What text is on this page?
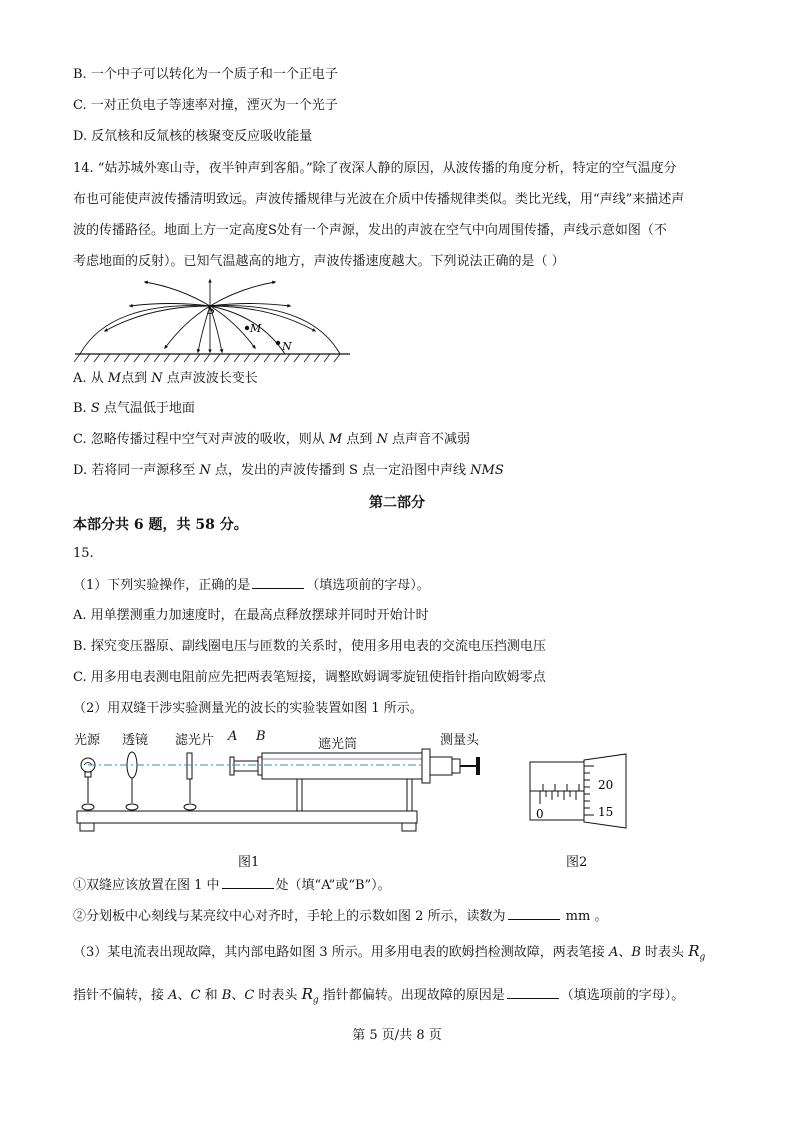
B. 一个中子可以转化为一个质子和一个正电子
C. 一对正负电子等速率对撞，湮灭为一个光子
D. 反氘核和反氚核的核聚变反应吸收能量
14. “姑苏城外寒山寺，夜半钟声到客船。”除了夜深人静的原因，从波传播的角度分析，特定的空气温度分
布也可能使声波传播清明致远。声波传播规律与光波在介质中传播规律类似。类比光线，用“声线”来描述声
波的传播路径。地面上方一定高度S处有一个声源，发出的声波在空气中向周围传播，声线示意如图（不
考虑地面的反射）。已知气温越高的地方，声波传播速度越大。下列说法正确的是（ ）
S
M
N
A. 从 M点到 N 点声波波长变长
B. S 点气温低于地面
C. 忽略传播过程中空气对声波的吸收，则从 M 点到 N 点声音不减弱
D. 若将同一声源移至 N 点，发出的声波传播到 S 点一定沿图中声线 NMS
第二部分
本部分共 6 题，共 58 分。
15.
（1）下列实验操作，正确的是	（填选项前的字母）。
A. 用单摆测重力加速度时，在最高点释放摆球并同时开始计时
B. 探究变压器原、副线圈电压与匝数的关系时，使用多用电表的交流电压挡测电压
C. 用多用电表测电阻前应先把两表笔短接，调整欧姆调零旋钮使指针指向欧姆零点
（2）用双缝干涉实验测量光的波长的实验装置如图 1 所示。
光源 透镜 滤光片 A B
遮光筒	测量头
图1
20
15
0
图2
①双缝应该放置在图 1 中	处（填“A”或“B”）。
②分划板中心刻线与某亮纹中心对齐时，手轮上的示数如图 2 所示，读数为	mm 。
（3）某电流表出现故障，其内部电路如图 3 所示。用多用电表的欧姆挡检测故障，两表笔接 A、B 时表头 $R_g$
指针不偏转，接 A、C 和 B、C 时表头 $R_g$ 指针都偏转。出现故障的原因是	（填选项前的字母）。
第 5 页/共 8 页
